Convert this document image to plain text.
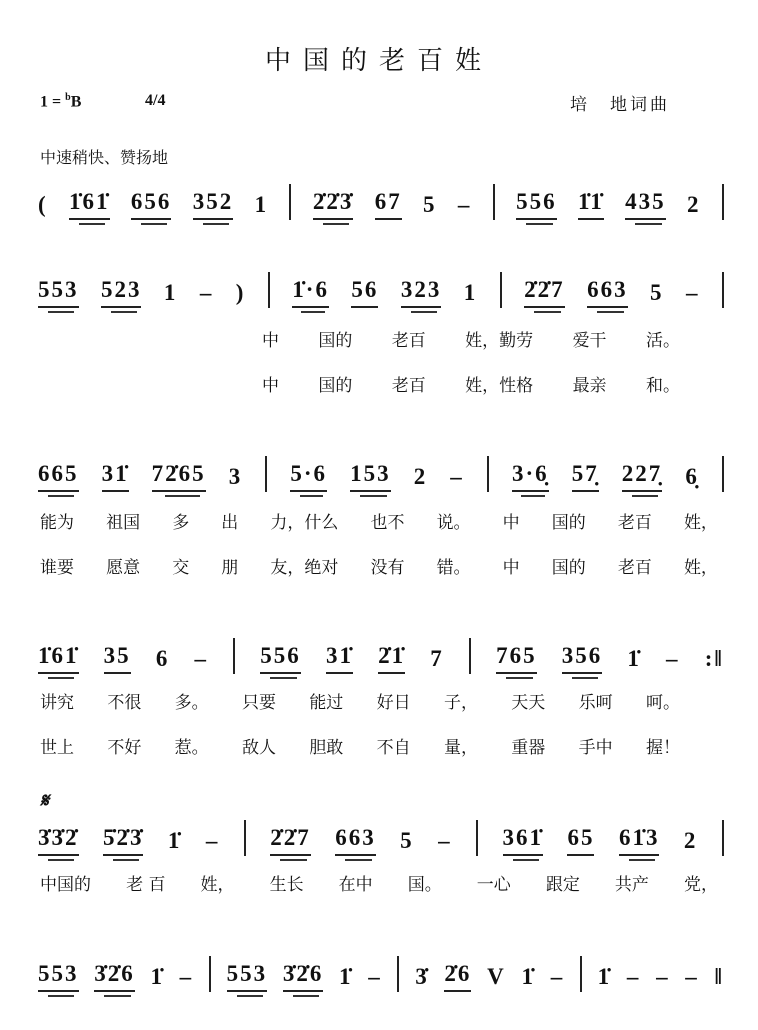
中国的老百姓
1 = $^b$B	4/4	培　地词曲
中速稍快、赞扬地
𝄋
( 1̇61̇ 656 352 1 2̇2̇3̇ 67 5 – 556 1̇1̇ 435 2
553 523 1 – ) 1̇·6 56 323 1 2̇2̇7 663 5 –
中 国的 老百 姓，勤劳 爱干 活。
中 国的 老百 姓，性格 最亲 和。
665 31̇ 72̇65 3 5·6 153 2 – 3·6̣ 57̣ 227̣ 6̣
能为 祖国 多 出 力，什么 也不 说。 中 国的 老百 姓，
谁要 愿意 交 朋 友，绝对 没有 错。 中 国的 老百 姓，
1̇61̇ 35 6 – 556 31̇ 2̇1̇ 7 765 356 1̇ – :‖
讲究 不很 多。 只要 能过 好日 子， 天天 乐呵 呵。
世上 不好 惹。 敌人 胆敢 不自 量， 重器 手中 握！
3̇3̇2̇ 5̇2̇3̇ 1̇ – 2̇2̇7 663 5 – 361̇ 65 61̇3 2
中国的 老 百 姓， 生长 在中 国。 一心 跟定 共产 党，
553 3̇2̇6 1̇ – 553 3̇2̇6 1̇ – 3̇ 2̇6 V 1̇ – 1̇ – – – ‖
